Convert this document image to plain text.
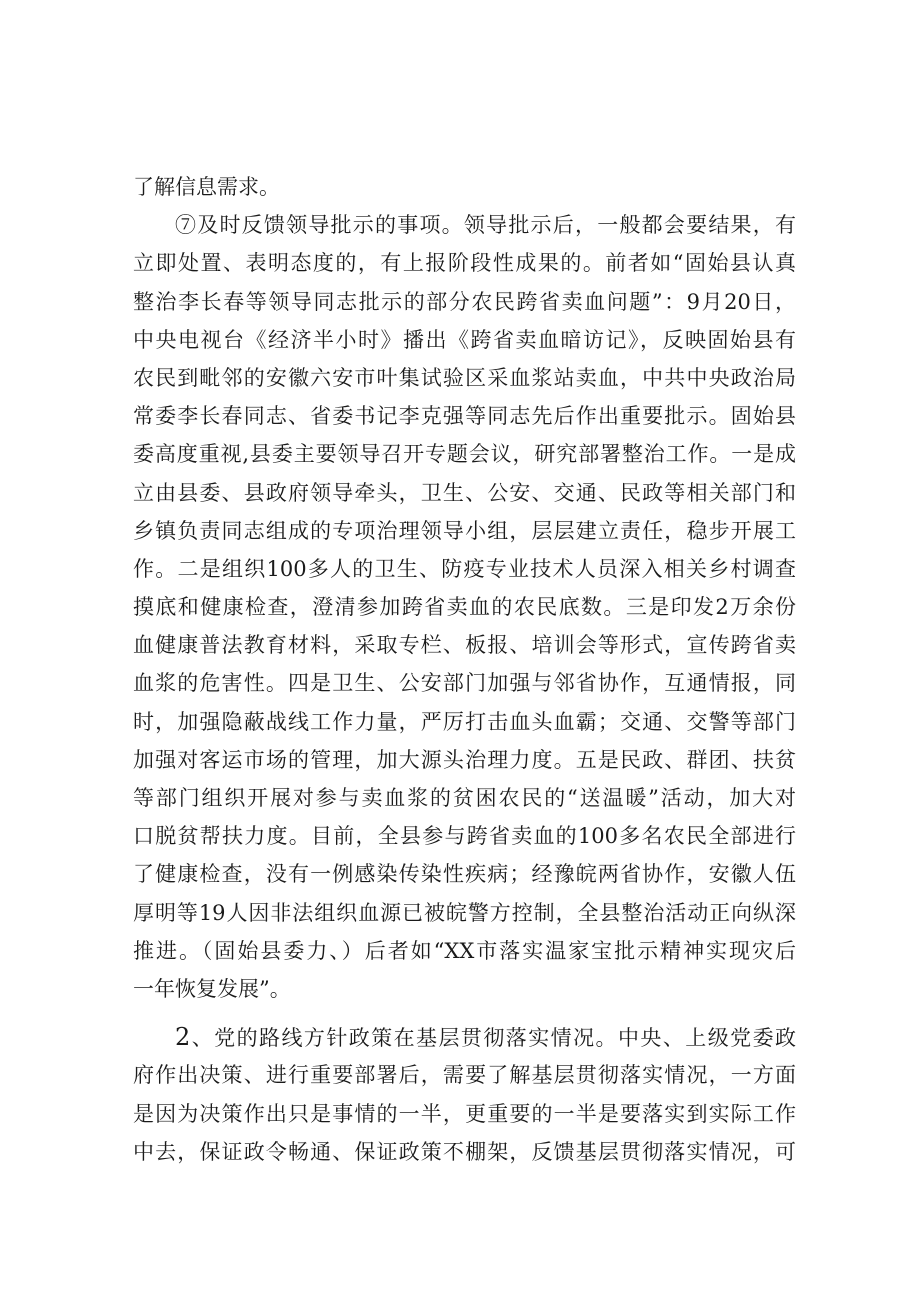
了解信息需求。
⑦及时反馈领导批示的事项。领导批示后，一般都会要结果，有
立即处置、表明态度的，有上报阶段性成果的。前者如“固始县认真
整治李长春等领导同志批示的部分农民跨省卖血问题”：9月20日，
中央电视台《经济半小时》播出《跨省卖血暗访记》，反映固始县有
农民到毗邻的安徽六安市叶集试验区采血浆站卖血，中共中央政治局
常委李长春同志、省委书记李克强等同志先后作出重要批示。固始县
委高度重视,县委主要领导召开专题会议，研究部署整治工作。一是成
立由县委、县政府领导牵头，卫生、公安、交通、民政等相关部门和
乡镇负责同志组成的专项治理领导小组，层层建立责任，稳步开展工
作。二是组织100多人的卫生、防疫专业技术人员深入相关乡村调查
摸底和健康检查，澄清参加跨省卖血的农民底数。三是印发2万余份
血健康普法教育材料，采取专栏、板报、培训会等形式，宣传跨省卖
血浆的危害性。四是卫生、公安部门加强与邻省协作，互通情报，同
时，加强隐蔽战线工作力量，严厉打击血头血霸；交通、交警等部门
加强对客运市场的管理，加大源头治理力度。五是民政、群团、扶贫
等部门组织开展对参与卖血浆的贫困农民的“送温暖”活动，加大对
口脱贫帮扶力度。目前，全县参与跨省卖血的100多名农民全部进行
了健康检查，没有一例感染传染性疾病；经豫皖两省协作，安徽人伍
厚明等19人因非法组织血源已被皖警方控制，全县整治活动正向纵深
推进。（固始县委力、）后者如“XX市落实温家宝批示精神实现灾后
一年恢复发展”。
2、党的路线方针政策在基层贯彻落实情况。中央、上级党委政
府作出决策、进行重要部署后，需要了解基层贯彻落实情况，一方面
是因为决策作出只是事情的一半，更重要的一半是要落实到实际工作
中去，保证政令畅通、保证政策不棚架，反馈基层贯彻落实情况，可
